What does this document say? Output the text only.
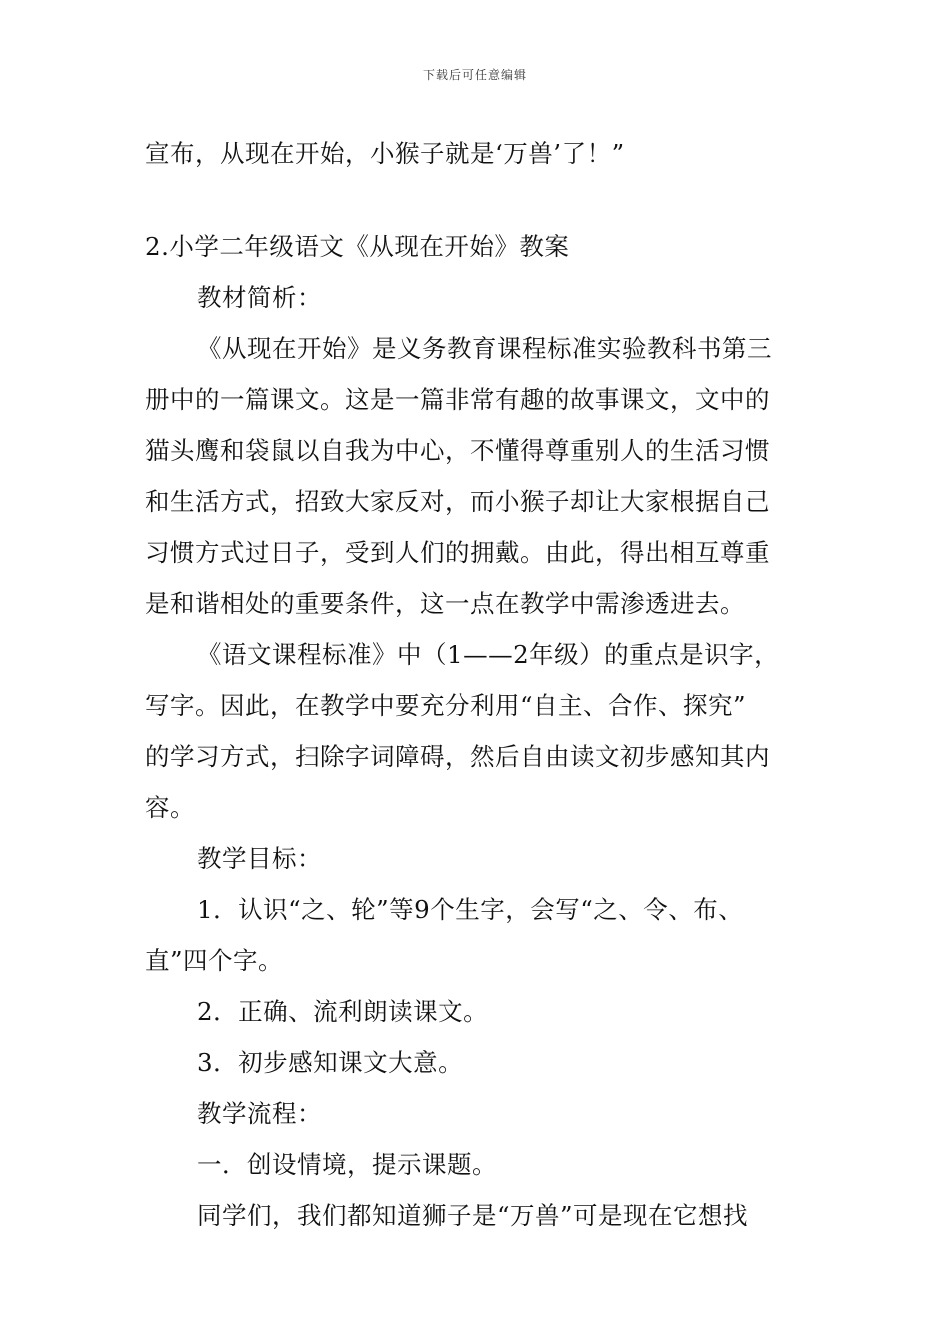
下载后可任意编辑
宣布，从现在开始，小猴子就是‘万兽’了！”
2.小学二年级语文《从现在开始》教案
教材简析：
《从现在开始》是义务教育课程标准实验教科书第三
册中的一篇课文。这是一篇非常有趣的故事课文，文中的
猫头鹰和袋鼠以自我为中心，不懂得尊重别人的生活习惯
和生活方式，招致大家反对，而小猴子却让大家根据自己
习惯方式过日子，受到人们的拥戴。由此，得出相互尊重
是和谐相处的重要条件，这一点在教学中需渗透进去。
《语文课程标准》中（1——2年级）的重点是识字，
写字。因此，在教学中要充分利用“自主、合作、探究”
的学习方式，扫除字词障碍，然后自由读文初步感知其内
容。
教学目标：
1．认识“之、轮”等9个生字，会写“之、令、布、
直”四个字。
2．正确、流利朗读课文。
3．初步感知课文大意。
教学流程：
一．创设情境，提示课题。
同学们，我们都知道狮子是“万兽”可是现在它想找
